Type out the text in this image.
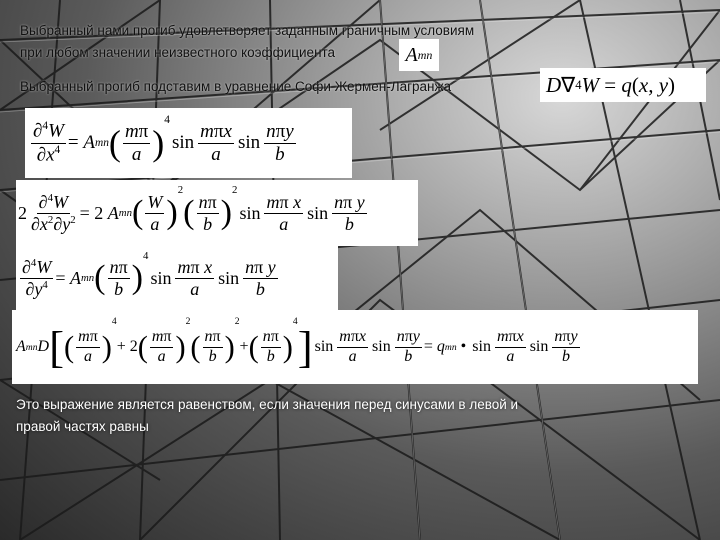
Выбранный нами прогиб удовлетворяет заданным граничным условиям
при любом значении неизвестного коэффициента	A mn
Выбранный прогиб подставим в уравнение Софи Жермен-Лагранжа	D ∇ 4 W = q ( x, y )
$\frac{\partial^4W}{\partial x^4} = A$ mn ( $\frac{m\pi}{a}$ )
$^4$
$\sin \frac{\text{mπx}}{a}$ $\sin \frac{\text{nπy}}{b}$
$2 \frac{\partial^4W}{\partial x^2\partial y^2} = 2$ A mn ( $\frac{W}{a}$ )
$^2$
( $\frac{n\pi}{b}$ )
$^2$
$\sin \frac{\text{mπ x}}{a}$ $\sin \frac{\text{nπ y}}{b}$
$\frac{\partial^4W}{\partial y^4} = A$ mn ( $\frac{n\pi}{b}$ )
$^4$
$\sin \frac{\text{mπ x}}{a}$ $\sin \frac{\text{nπ y}}{b}$
A mn D [ ( $\frac{m\pi}{a}$ )
4
+ 2 ( $\frac{m\pi}{a}$ )
2
( $\frac{n\pi}{b}$ )
2
+ ( $\frac{n\pi}{b}$ )
4
] $\sin \frac{\text{mπx}}{a}$ $\sin \frac{\text{nπy}}{b} = q$ mn • $\sin \frac{\text{mπx}}{a}$ $\sin \frac{\text{nπy}}{b}$
Это выражение является равенством, если значения перед синусами в левой и
правой частях равны
